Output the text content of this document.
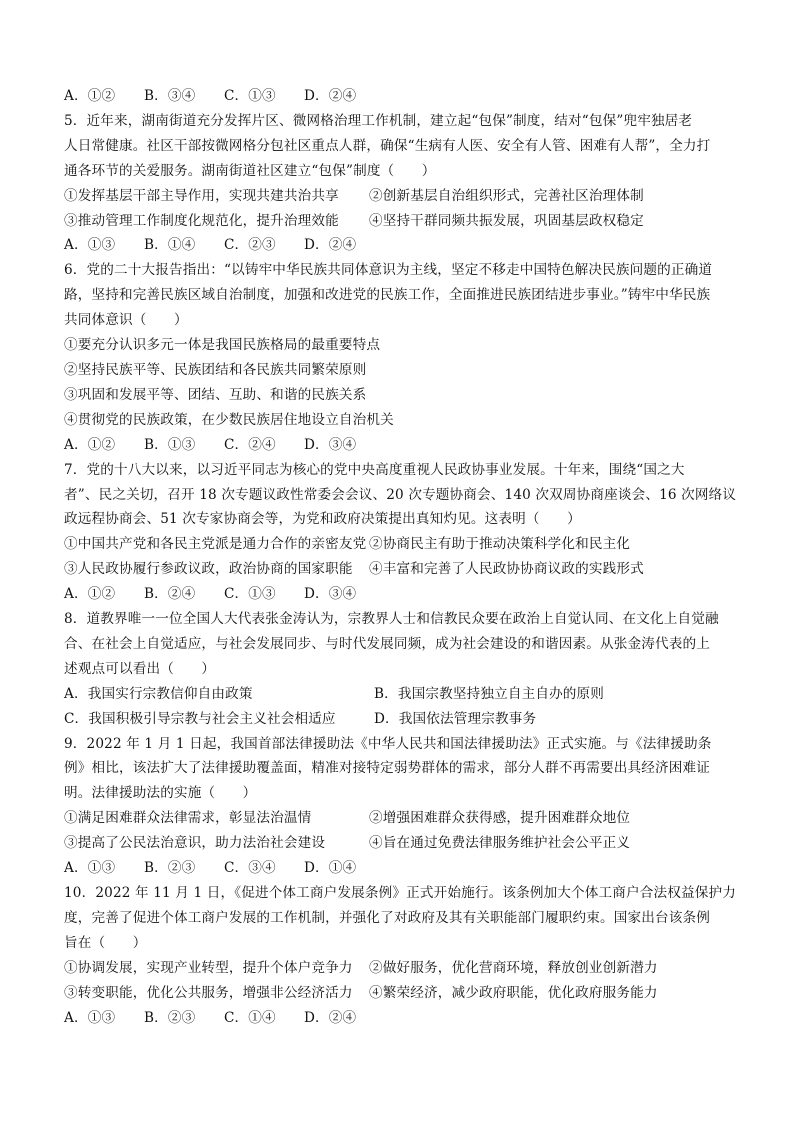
A．①②	B．③④	C．①③	D．②④
5．近年来，湖南街道充分发挥片区、微网格治理工作机制，建立起“包保”制度，结对“包保”兜牢独居老
人日常健康。社区干部按微网格分包社区重点人群，确保“生病有人医、安全有人管、困难有人帮”，全力打
通各环节的关爱服务。湖南街道社区建立“包保”制度（　　）
①发挥基层干部主导作用，实现共建共治共享 ②创新基层自治组织形式，完善社区治理体制
③推动管理工作制度化规范化，提升治理效能 ④坚持干群同频共振发展，巩固基层政权稳定
A．①③	B．①④	C．②③	D．②④
6．党的二十大报告指出：“以铸牢中华民族共同体意识为主线，坚定不移走中国特色解决民族问题的正确道
路，坚持和完善民族区域自治制度，加强和改进党的民族工作，全面推进民族团结进步事业。”铸牢中华民族
共同体意识（　　）
①要充分认识多元一体是我国民族格局的最重要特点
②坚持民族平等、民族团结和各民族共同繁荣原则
③巩固和发展平等、团结、互助、和谐的民族关系
④贯彻党的民族政策，在少数民族居住地设立自治机关
A．①②	B．①③	C．②④	D．③④
7．党的十八大以来，以习近平同志为核心的党中央高度重视人民政协事业发展。十年来，围绕“国之大
者”、民之关切，召开 18 次专题议政性常委会会议、20 次专题协商会、140 次双周协商座谈会、16 次网络议
政远程协商会、51 次专家协商会等，为党和政府决策提出真知灼见。这表明（　　）
①中国共产党和各民主党派是通力合作的亲密友党 ②协商民主有助于推动决策科学化和民主化
③人民政协履行参政议政，政治协商的国家职能 ④丰富和完善了人民政协协商议政的实践形式
A．①②	B．②④	C．①③	D．③④
8．道教界唯一一位全国人大代表张金涛认为，宗教界人士和信教民众要在政治上自觉认同、在文化上自觉融
合、在社会上自觉适应，与社会发展同步、与时代发展同频，成为社会建设的和谐因素。从张金涛代表的上
述观点可以看出（　　）
A．我国实行宗教信仰自由政策	B．我国宗教坚持独立自主自办的原则
C．我国积极引导宗教与社会主义社会相适应	D．我国依法管理宗教事务
9．2022 年 1 月 1 日起，我国首部法律援助法《中华人民共和国法律援助法》正式实施。与《法律援助条
例》相比，该法扩大了法律援助覆盖面，精准对接特定弱势群体的需求，部分人群不再需要出具经济困难证
明。法律援助法的实施（　　）
①满足困难群众法律需求，彰显法治温情	②增强困难群众获得感，提升困难群众地位
③提高了公民法治意识，助力法治社会建设	④旨在通过免费法律服务维护社会公平正义
A．①③	B．②③	C．③④	D．①④
10．2022 年 11 月 1 日，《促进个体工商户发展条例》正式开始施行。该条例加大个体工商户合法权益保护力
度，完善了促进个体工商户发展的工作机制，并强化了对政府及其有关职能部门履职约束。国家出台该条例
旨在（　　）
①协调发展，实现产业转型，提升个体户竞争力 ②做好服务，优化营商环境，释放创业创新潜力
③转变职能，优化公共服务，增强非公经济活力 ④繁荣经济，减少政府职能，优化政府服务能力
A．①③	B．②③	C．①④	D．②④
